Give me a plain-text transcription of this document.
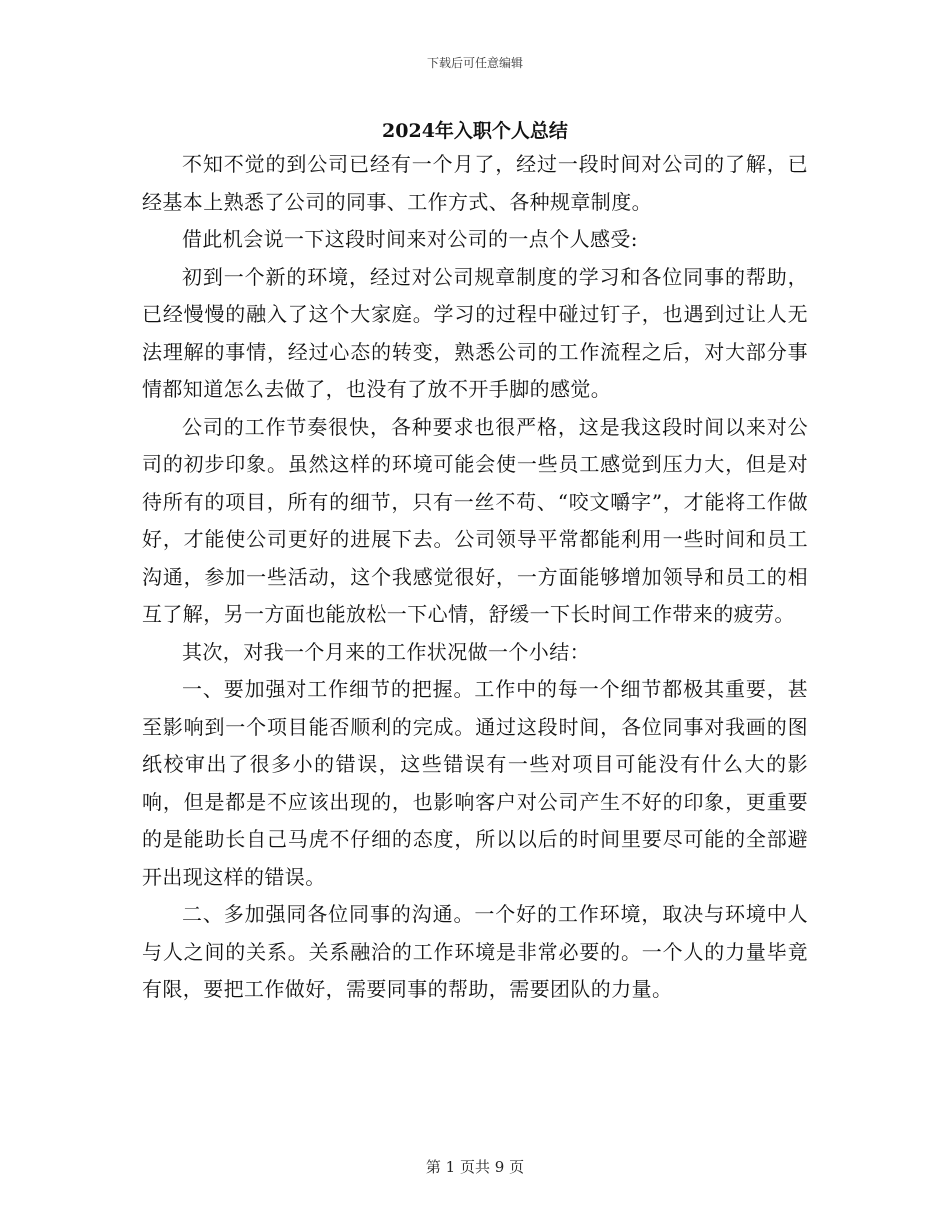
下载后可任意编辑
2024年入职个人总结

不知不觉的到公司已经有一个月了，经过一段时间对公司的了解，已经基本上熟悉了公司的同事、工作方式、各种规章制度。

借此机会说一下这段时间来对公司的一点个人感受:

初到一个新的环境，经过对公司规章制度的学习和各位同事的帮助，已经慢慢的融入了这个大家庭。学习的过程中碰过钉子，也遇到过让人无法理解的事情，经过心态的转变，熟悉公司的工作流程之后，对大部分事情都知道怎么去做了，也没有了放不开手脚的感觉。

公司的工作节奏很快，各种要求也很严格，这是我这段时间以来对公司的初步印象。虽然这样的环境可能会使一些员工感觉到压力大，但是对待所有的项目，所有的细节，只有一丝不苟、“咬文嚼字”，才能将工作做好，才能使公司更好的进展下去。公司领导平常都能利用一些时间和员工沟通，参加一些活动，这个我感觉很好，一方面能够增加领导和员工的相互了解，另一方面也能放松一下心情，舒缓一下长时间工作带来的疲劳。

其次，对我一个月来的工作状况做一个小结：

一、要加强对工作细节的把握。工作中的每一个细节都极其重要，甚至影响到一个项目能否顺利的完成。通过这段时间，各位同事对我画的图纸校审出了很多小的错误，这些错误有一些对项目可能没有什么大的影响，但是都是不应该出现的，也影响客户对公司产生不好的印象，更重要的是能助长自己马虎不仔细的态度，所以以后的时间里要尽可能的全部避开出现这样的错误。

二、多加强同各位同事的沟通。一个好的工作环境，取决与环境中人与人之间的关系。关系融洽的工作环境是非常必要的。一个人的力量毕竟有限，要把工作做好，需要同事的帮助，需要团队的力量。

第 1 页共 9 页
